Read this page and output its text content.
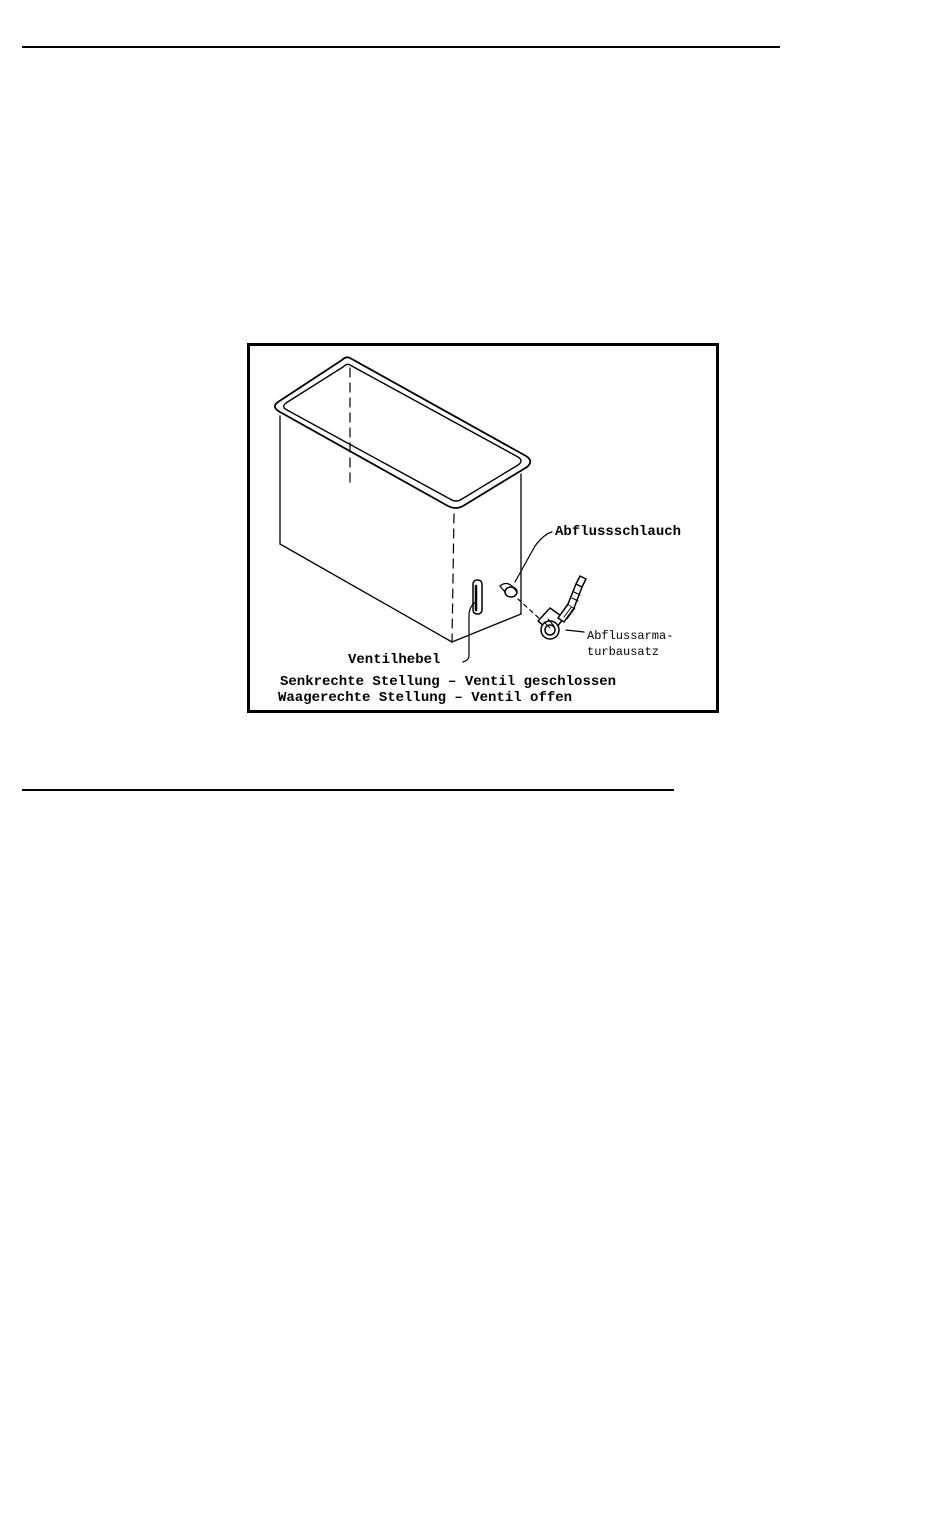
Abflussschlauch
Ventilhebel
Abflussarma-
turbausatz
Senkrechte Stellung – Ventil geschlossen
Waagerechte Stellung – Ventil offen
